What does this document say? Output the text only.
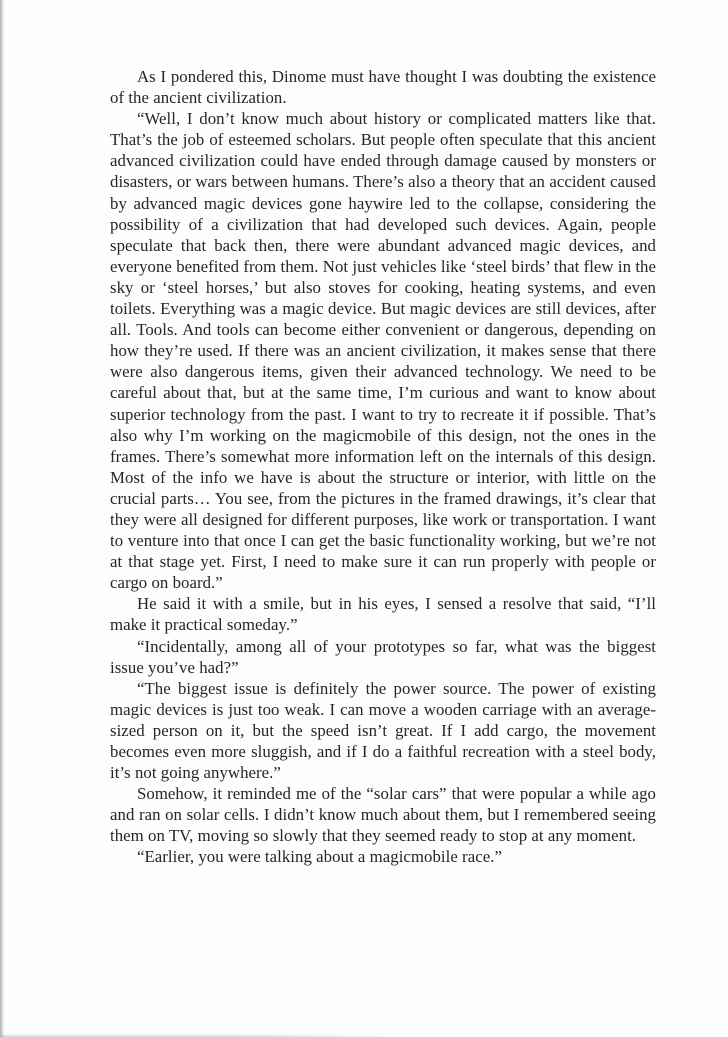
As I pondered this, Dinome must have thought I was doubting the existence of the ancient civilization.

“Well, I don’t know much about history or complicated matters like that. That’s the job of esteemed scholars. But people often speculate that this ancient advanced civilization could have ended through damage caused by monsters or disasters, or wars between humans. There’s also a theory that an accident caused by advanced magic devices gone haywire led to the collapse, considering the possibility of a civilization that had developed such devices. Again, people speculate that back then, there were abundant advanced magic devices, and everyone benefited from them. Not just vehicles like ‘steel birds’ that flew in the sky or ‘steel horses,’ but also stoves for cooking, heating systems, and even toilets. Everything was a magic device. But magic devices are still devices, after all. Tools. And tools can become either convenient or dangerous, depending on how they’re used. If there was an ancient civilization, it makes sense that there were also dangerous items, given their advanced technology. We need to be careful about that, but at the same time, I’m curious and want to know about superior technology from the past. I want to try to recreate it if possible. That’s also why I’m working on the magicmobile of this design, not the ones in the frames. There’s somewhat more information left on the internals of this design. Most of the info we have is about the structure or interior, with little on the crucial parts… You see, from the pictures in the framed drawings, it’s clear that they were all designed for different purposes, like work or transportation. I want to venture into that once I can get the basic functionality working, but we’re not at that stage yet. First, I need to make sure it can run properly with people or cargo on board.”

He said it with a smile, but in his eyes, I sensed a resolve that said, “I’ll make it practical someday.”

“Incidentally, among all of your prototypes so far, what was the biggest issue you’ve had?”

“The biggest issue is definitely the power source. The power of existing magic devices is just too weak. I can move a wooden carriage with an average-sized person on it, but the speed isn’t great. If I add cargo, the movement becomes even more sluggish, and if I do a faithful recreation with a steel body, it’s not going anywhere.”

Somehow, it reminded me of the “solar cars” that were popular a while ago and ran on solar cells. I didn’t know much about them, but I remembered seeing them on TV, moving so slowly that they seemed ready to stop at any moment.

“Earlier, you were talking about a magicmobile race.”
